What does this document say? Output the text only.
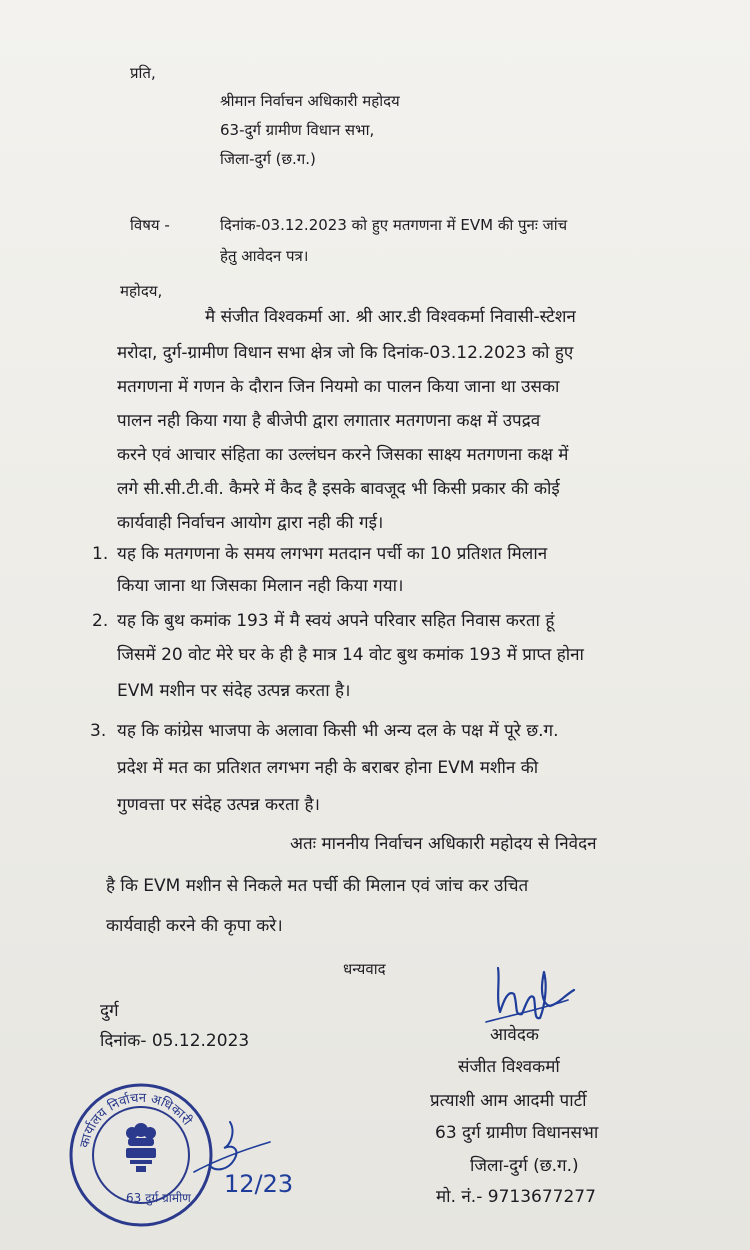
प्रति,
श्रीमान निर्वाचन अधिकारी महोदय
63-दुर्ग ग्रामीण विधान सभा,
जिला-दुर्ग (छ.ग.)
विषय -	दिनांक-03.12.2023 को हुए मतगणना में EVM की पुनः जांच
हेतु आवेदन पत्र।
महोदय,
मै संजीत विश्वकर्मा आ. श्री आर.डी विश्वकर्मा निवासी-स्टेशन
मरोदा, दुर्ग-ग्रामीण विधान सभा क्षेत्र जो कि दिनांक-03.12.2023 को हुए
मतगणना में गणन के दौरान जिन नियमो का पालन किया जाना था उसका
पालन नही किया गया है बीजेपी द्वारा लगातार मतगणना कक्ष में उपद्रव
करने एवं आचार संहिता का उल्लंघन करने जिसका साक्ष्य मतगणना कक्ष में
लगे सी.सी.टी.वी. कैमरे में कैद है इसके बावजूद भी किसी प्रकार की कोई
कार्यवाही निर्वाचन आयोग द्वारा नही की गई।
1. यह कि मतगणना के समय लगभग मतदान पर्ची का 10 प्रतिशत मिलान
किया जाना था जिसका मिलान नही किया गया।
2. यह कि बुथ कमांक 193 में मै स्वयं अपने परिवार सहित निवास करता हूं
जिसमें 20 वोट मेरे घर के ही है मात्र 14 वोट बुथ कमांक 193 में प्राप्त होना
EVM मशीन पर संदेह उत्पन्न करता है।
3. यह कि कांग्रेस भाजपा के अलावा किसी भी अन्य दल के पक्ष में पूरे छ.ग.
प्रदेश में मत का प्रतिशत लगभग नही के बराबर होना EVM मशीन की
गुणवत्ता पर संदेह उत्पन्न करता है।
अतः माननीय निर्वाचन अधिकारी महोदय से निवेदन
है कि EVM मशीन से निकले मत पर्ची की मिलान एवं जांच कर उचित
कार्यवाही करने की कृपा करे।
धन्यवाद
दुर्ग
दिनांक- 05.12.2023	आवेदक
संजीत विश्वकर्मा
प्रत्याशी आम आदमी पार्टी
63 दुर्ग ग्रामीण विधानसभा
जिला-दुर्ग (छ.ग.)
मो. नं.- 9713677277
कार्यालय निर्वाचन अधिकारी
63 दुर्ग ग्रामीण 12/23
